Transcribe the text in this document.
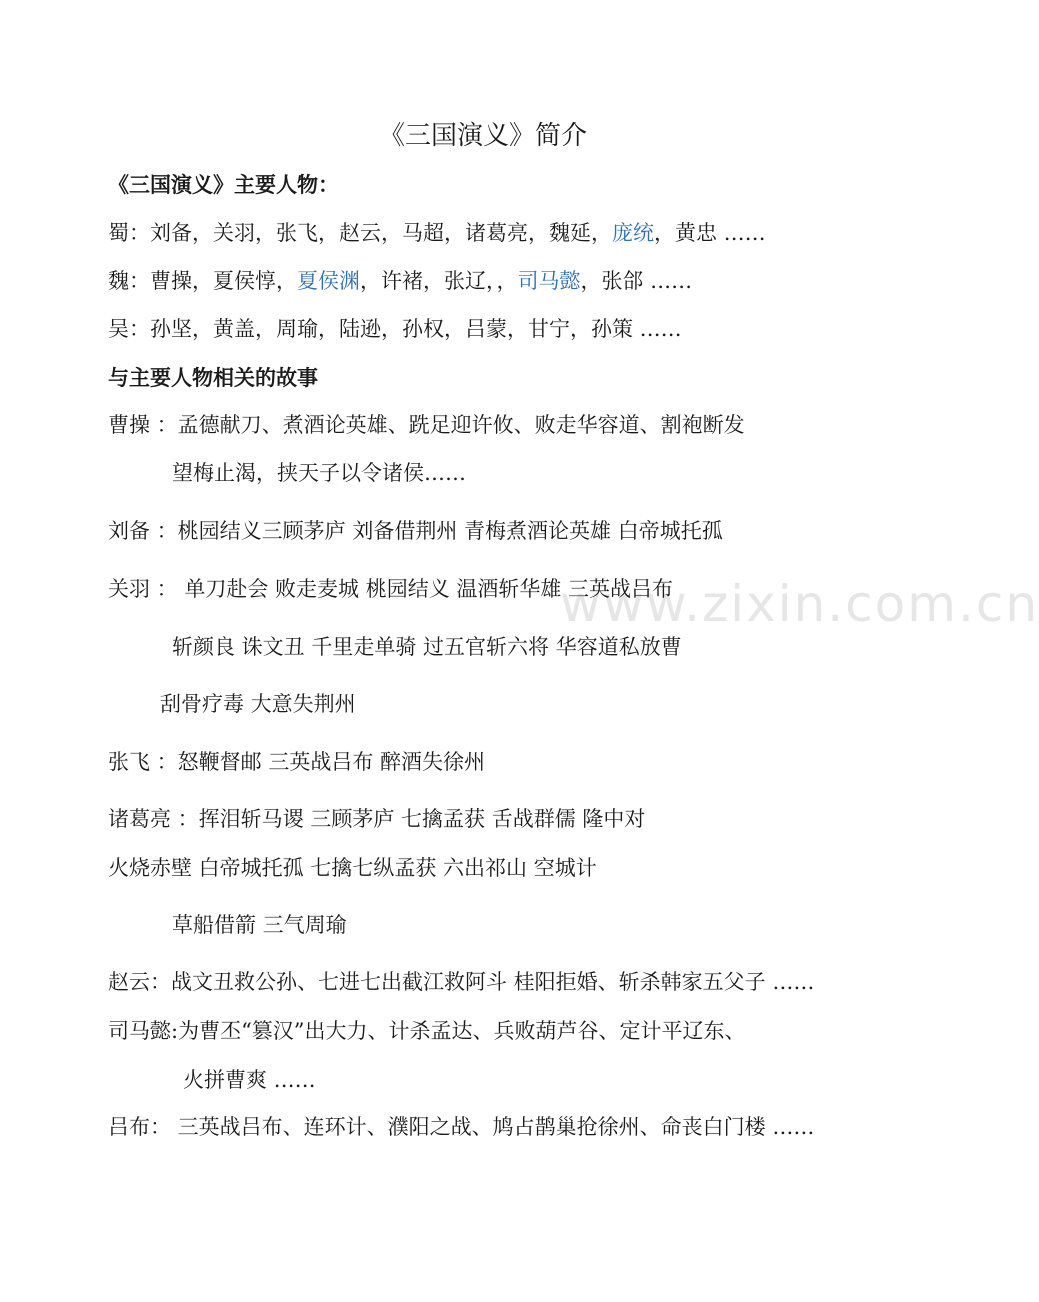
www.zixin.com.cn
《三国演义》简介
《三国演义》主要人物：
蜀：刘备，关羽，张飞，赵云，马超，诸葛亮，魏延，庞统，黄忠 ……
魏：曹操，夏侯惇，夏侯渊，许褚，张辽，，司马懿，张郃 ……
吴：孙坚，黄盖，周瑜，陆逊，孙权，吕蒙，甘宁，孙策 ……
与主要人物相关的故事
曹操 ：孟德献刀、煮酒论英雄、跣足迎许攸、败走华容道、割袍断发
望梅止渴，挟天子以令诸侯……
刘备 ：桃园结义三顾茅庐 刘备借荆州 青梅煮酒论英雄 白帝城托孤
关羽 ： 单刀赴会 败走麦城 桃园结义 温酒斩华雄 三英战吕布
斩颜良 诛文丑 千里走单骑 过五官斩六将 华容道私放曹
刮骨疗毒 大意失荆州
张飞 ：怒鞭督邮 三英战吕布 醉酒失徐州
诸葛亮 ：挥泪斩马谡 三顾茅庐 七擒孟获 舌战群儒 隆中对
火烧赤壁 白帝城托孤 七擒七纵孟获 六出祁山 空城计
草船借箭 三气周瑜
赵云：战文丑救公孙、七进七出截江救阿斗 桂阳拒婚、斩杀韩家五父子 ……
司马懿:为曹丕“篡汉”出大力、计杀孟达、兵败葫芦谷、定计平辽东、
火拼曹爽 ……
吕布： 三英战吕布、连环计、濮阳之战、鸠占鹊巢抢徐州、命丧白门楼 ……
